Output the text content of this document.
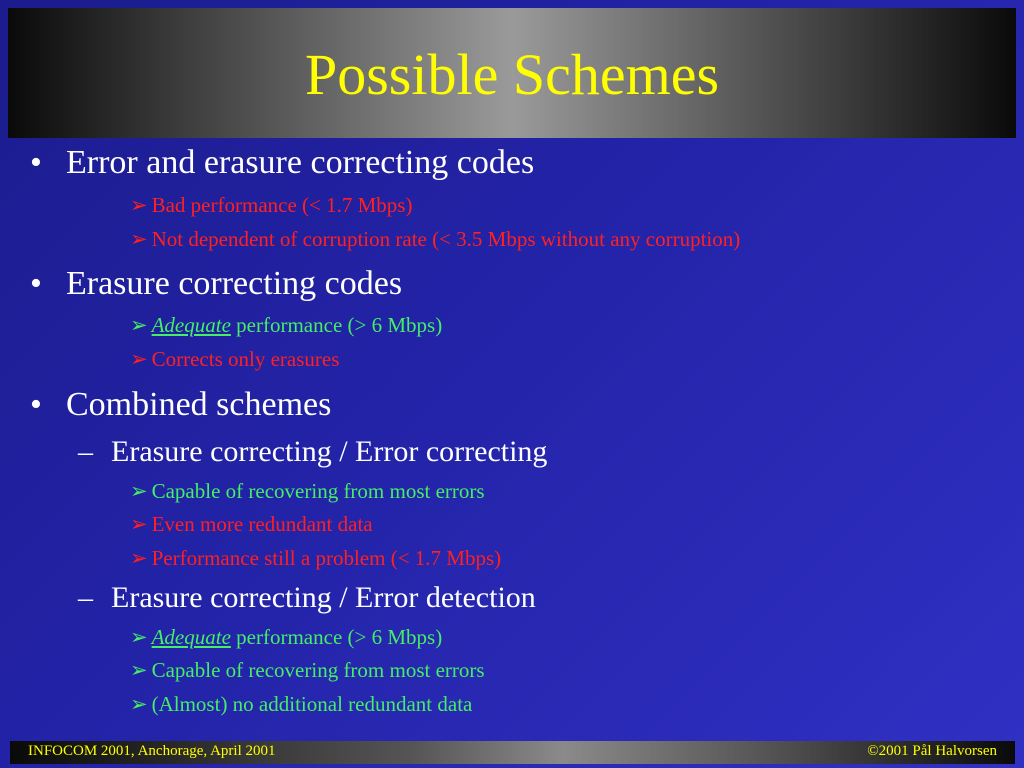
Possible Schemes
• Error and erasure correcting codes
➢ Bad performance (< 1.7 Mbps)
➢ Not dependent of corruption rate (< 3.5 Mbps without any corruption)
• Erasure correcting codes
➢ Adequate performance (> 6 Mbps)
➢ Corrects only erasures
• Combined schemes
– Erasure correcting / Error correcting
➢ Capable of recovering from most errors
➢ Even more redundant data
➢ Performance still a problem (< 1.7 Mbps)
– Erasure correcting / Error detection
➢ Adequate performance (> 6 Mbps)
➢ Capable of recovering from most errors
➢ (Almost) no additional redundant data
INFOCOM 2001, Anchorage, April 2001	©2001 Pål Halvorsen
